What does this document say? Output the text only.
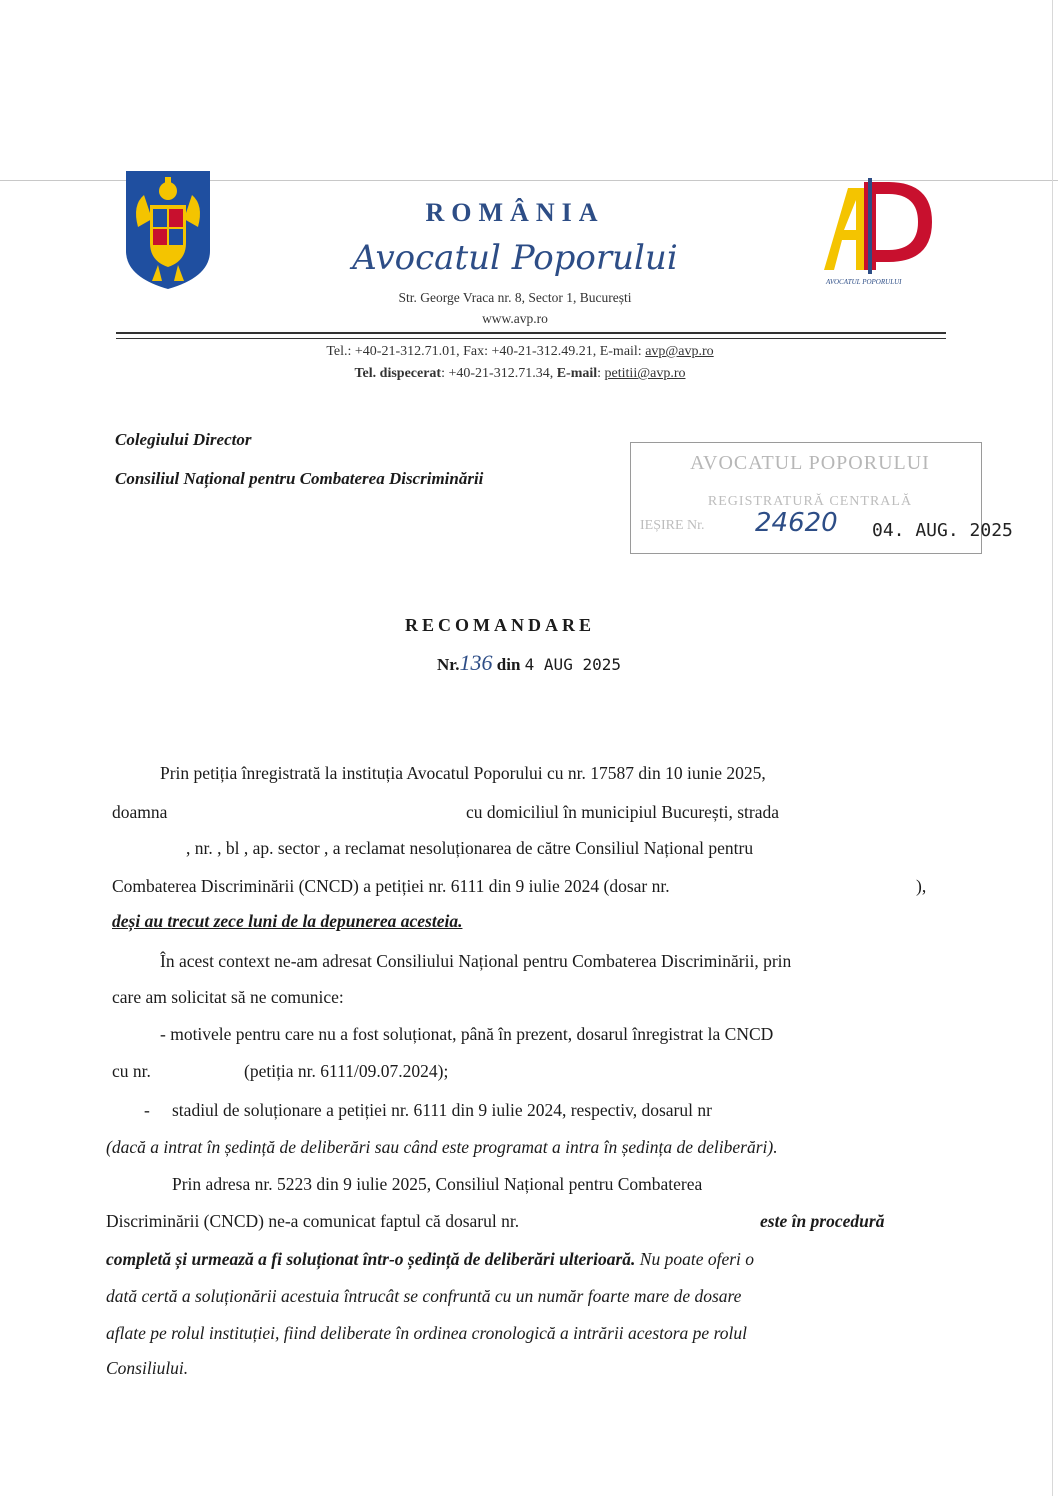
AVOCATUL POPORULUI
ROMÂNIA
Avocatul Poporului
Str. George Vraca nr. 8, Sector 1, București
www.avp.ro
Tel.: +40-21-312.71.01, Fax: +40-21-312.49.21, E-mail: avp@avp.ro
Tel. dispecerat: +40-21-312.71.34, E-mail: petitii@avp.ro
Colegiului Director
Consiliul Național pentru Combaterea Discriminării
AVOCATUL POPORULUI
REGISTRATURĂ CENTRALĂ
IEȘIRE Nr. 24620 04. AUG. 2025
RECOMANDARE
Nr.136 din 4 AUG 2025
Prin petiția înregistrată la instituția Avocatul Poporului cu nr. 17587 din 10 iunie 2025,
doamna	cu domiciliul în municipiul București, strada
, nr. , bl , ap. sector , a reclamat nesoluționarea de către Consiliul Național pentru
Combaterea Discriminării (CNCD) a petiției nr. 6111 din 9 iulie 2024 (dosar nr.	),
deși au trecut zece luni de la depunerea acesteia.
În acest context ne-am adresat Consiliului Național pentru Combaterea Discriminării, prin
care am solicitat să ne comunice:
- motivele pentru care nu a fost soluționat, până în prezent, dosarul înregistrat la CNCD
cu nr.	(petiția nr. 6111/09.07.2024);
- stadiul de soluționare a petiției nr. 6111 din 9 iulie 2024, respectiv, dosarul nr
(dacă a intrat în ședință de deliberări sau când este programat a intra în ședința de deliberări).
Prin adresa nr. 5223 din 9 iulie 2025, Consiliul Național pentru Combaterea
Discriminării (CNCD) ne-a comunicat faptul că dosarul nr.	este în procedură
completă și urmează a fi soluționat într-o ședință de deliberări ulterioară. Nu poate oferi o
dată certă a soluționării acestuia întrucât se confruntă cu un număr foarte mare de dosare
aflate pe rolul instituției, fiind deliberate în ordinea cronologică a intrării acestora pe rolul
Consiliului.
